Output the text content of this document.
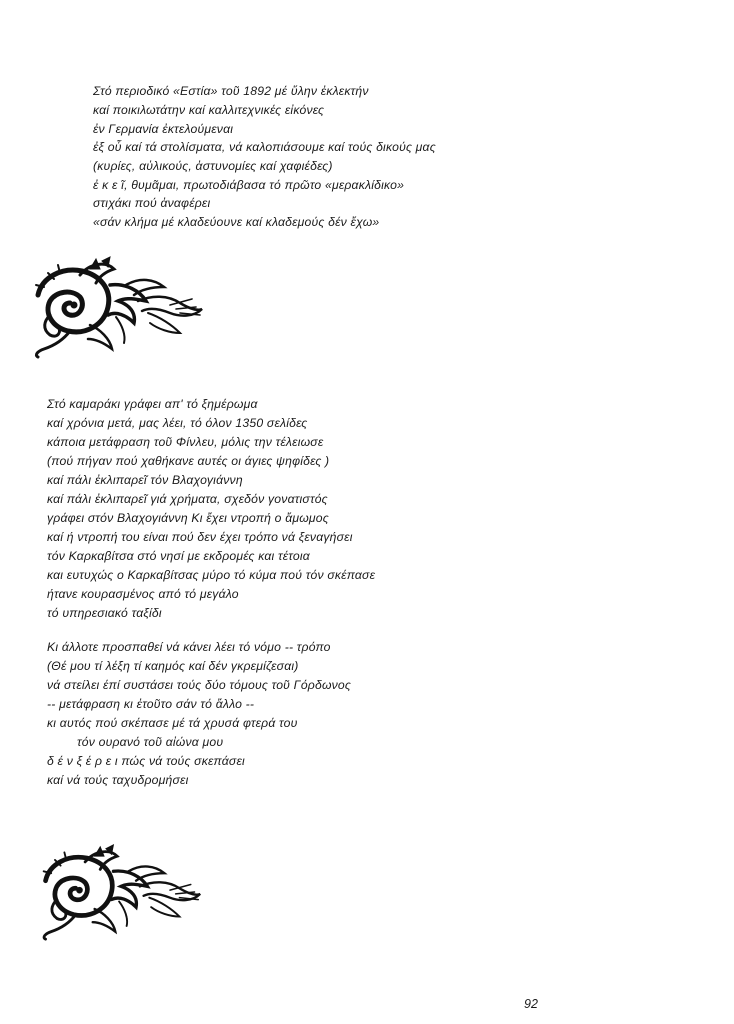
Στό περιοδικό «Εστία» τοῦ 1892 μέ ὕλην ἐκλεκτήν
καί ποικιλωτάτην καί καλλιτεχνικές εἰκόνες
ἐν Γερμανία ἐκτελούμεναι
ἐξ οὗ καί τά στολίσματα, νά καλοπιάσουμε καί τούς δικούς μας
(κυρίες, αὐλικούς, ἀστυνομίες καί χαφιέδες)
ἐ κ ε ῖ, θυμᾶμαι, πρωτοδιάβασα τό πρῶτο «μερακλίδικο»
στιχάκι πού ἀναφέρει
«σάν κλήμα μέ κλαδεύουνε καί κλαδεμούς δέν ἔχω»
Στό καμαράκι γράφει απ' τό ξημέρωμα
καί χρόνια μετά, μας λέει, τό όλον 1350 σελίδες
κάποια μετάφραση τοῦ Φίνλευ, μόλις την τέλειωσε
(πού πήγαν πού χαθήκανε αυτές οι άγιες ψηφίδες )
καί πάλι ἐκλιπαρεῖ τόν Βλαχογιάννη
καί πάλι ἐκλιπαρεῖ γιά χρήματα, σχεδόν γονατιστός
γράφει στόν Βλαχογιάννη Κι ἔχει ντροπή ο ἄμωμος
καί ή ντροπή του είναι πού δεν έχει τρόπο νά ξεναγήσει
τόν Καρκαβίτσα στό νησί με εκδρομές και τέτοια
και ευτυχώς ο Καρκαβίτσας μύρο τό κύμα πού τόν σκέπασε
ήτανε κουρασμένος από τό μεγάλο
τό υπηρεσιακό ταξίδι
Κι άλλοτε προσπαθεί νά κάνει λέει τό νόμο -- τρόπο
(Θέ μου τί λέξη τί καημός καί δέν γκρεμίζεσαι)
νά στείλει έπί συστάσει τούς δύο τόμους τοῦ Γόρδωνος
-- μετάφραση κι ἐτοῦτο σάν τό ἄλλο --
κι αυτός πού σκέπασε μέ τά χρυσά φτερά του
τόν ουρανό τοῦ αἰώνα μου
δ έ ν ξ έ ρ ε ι πώς νά τούς σκεπάσει
καί νά τούς ταχυδρομήσει
92
